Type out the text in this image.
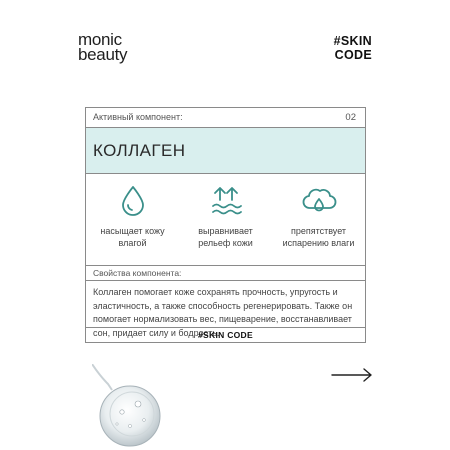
monic
beauty
#SKIN
CODE
Активный компонент:	02
КОЛЛАГЕН
насыщает кожу
влагой
выравнивает
рельеф кожи
препятствует
испарению влаги
Свойства компонента:
Коллаген помогает коже сохранять прочность, упругость и эластичность, а также способность регенерировать. Также он помогает нормализовать вес, пищеварение, восстанавливает сон, придает силу и бодрость.
#SKIN CODE
